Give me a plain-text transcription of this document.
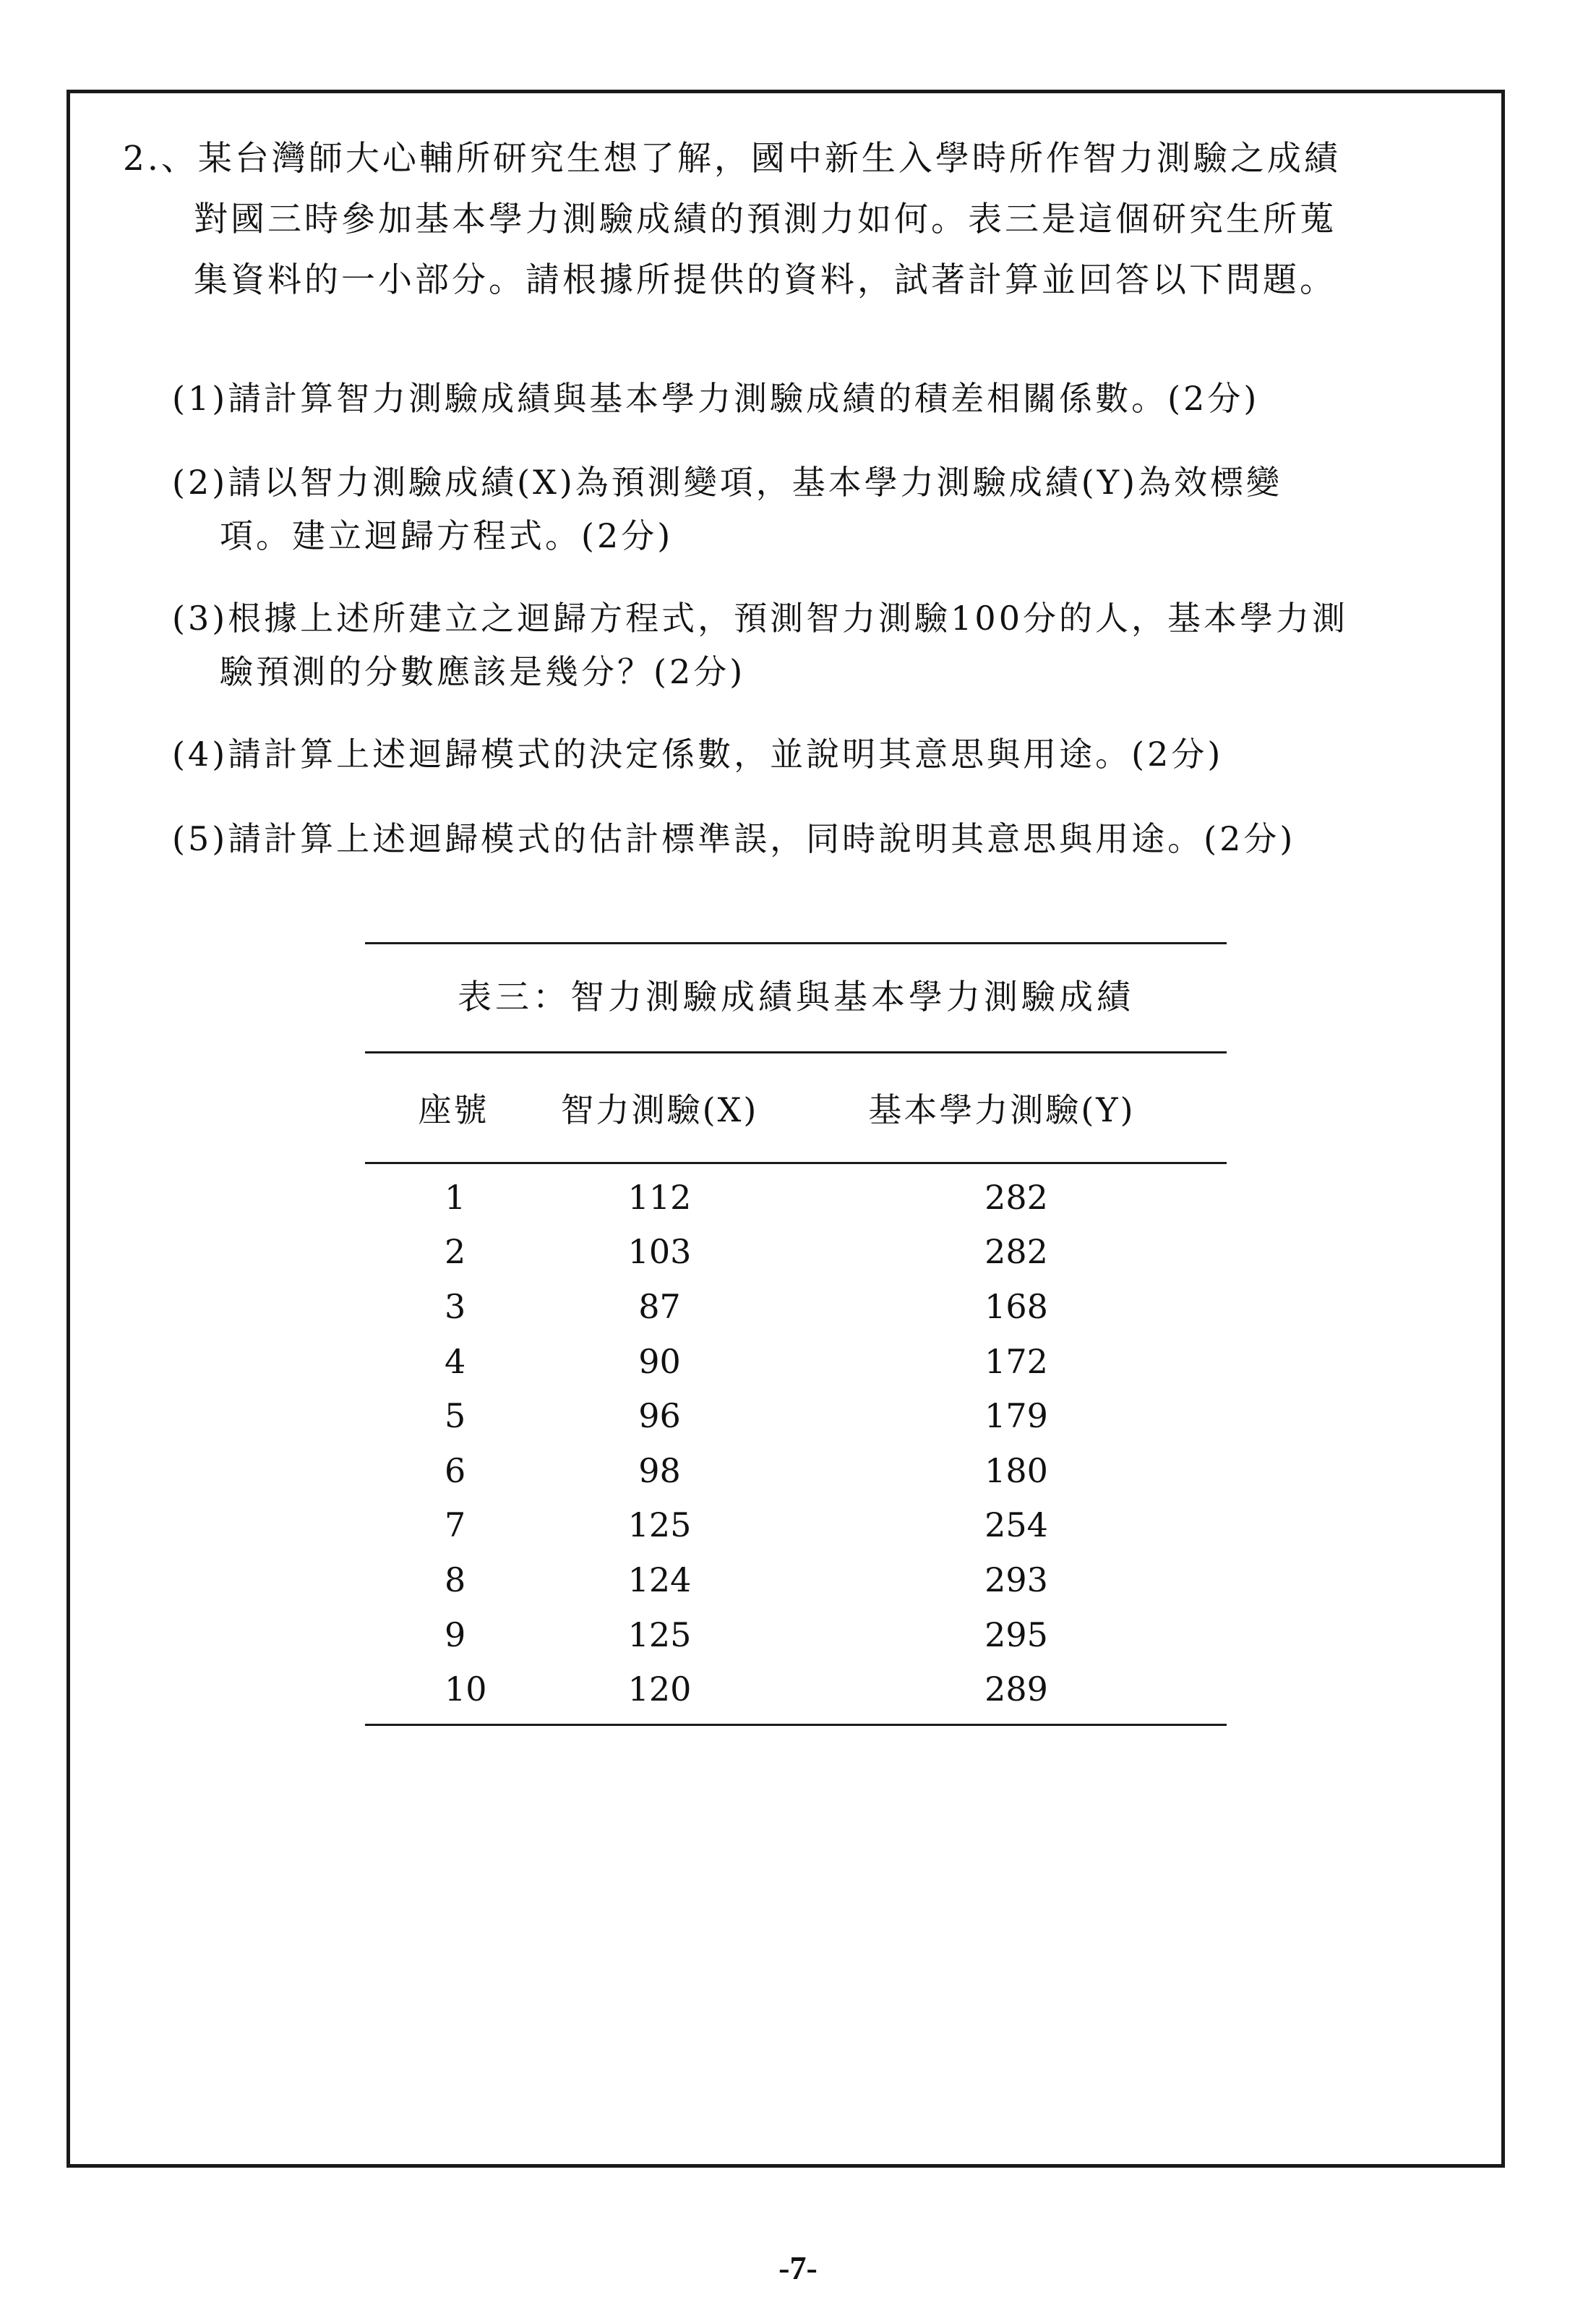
2.、某台灣師大心輔所研究生想了解，國中新生入學時所作智力測驗之成績
對國三時參加基本學力測驗成績的預測力如何。表三是這個研究生所蒐
集資料的一小部分。請根據所提供的資料，試著計算並回答以下問題。
(1)請計算智力測驗成績與基本學力測驗成績的積差相關係數。(2分)
(2)請以智力測驗成績(X)為預測變項，基本學力測驗成績(Y)為效標變
項。建立迴歸方程式。(2分)
(3)根據上述所建立之迴歸方程式，預測智力測驗100分的人，基本學力測
驗預測的分數應該是幾分？(2分)
(4)請計算上述迴歸模式的決定係數，並說明其意思與用途。(2分)
(5)請計算上述迴歸模式的估計標準誤，同時說明其意思與用途。(2分)
表三：智力測驗成績與基本學力測驗成績
座號	智力測驗(X)	基本學力測驗(Y)
1	112	282
2	103	282
3	87	168
4	90	172
5	96	179
6	98	180
7	125	254
8	124	293
9	125	295
10	120	289
-7-
